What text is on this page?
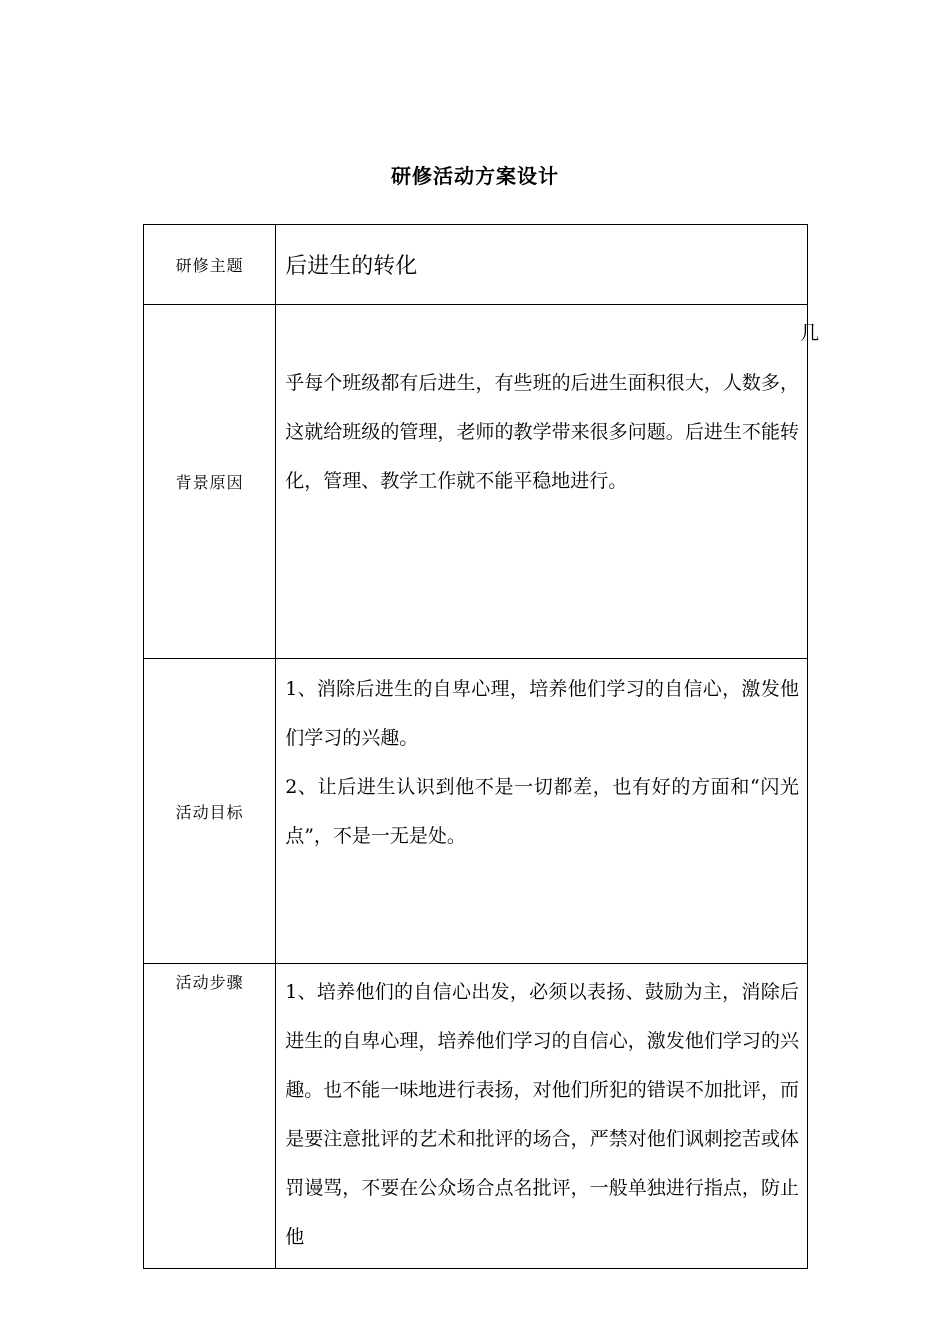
研修活动方案设计
几
研修主题	后进生的转化
背景原因	乎每个班级都有后进生，有些班的后进生面积很大，人数多，这就给班级的管理，老师的教学带来很多问题。后进生不能转化，管理、教学工作就不能平稳地进行。

活动目标	1、消除后进生的自卑心理，培养他们学习的自信心，激发他们学习的兴趣。

2、让后进生认识到他不是一切都差，也有好的方面和“闪光点”，不是一无是处。

活动步骤	1、培养他们的自信心出发，必须以表扬、鼓励为主，消除后进生的自卑心理，培养他们学习的自信心，激发他们学习的兴趣。也不能一味地进行表扬，对他们所犯的错误不加批评，而是要注意批评的艺术和批评的场合，严禁对他们讽刺挖苦或体罚谩骂，不要在公众场合点名批评，一般单独进行指点，防止他
